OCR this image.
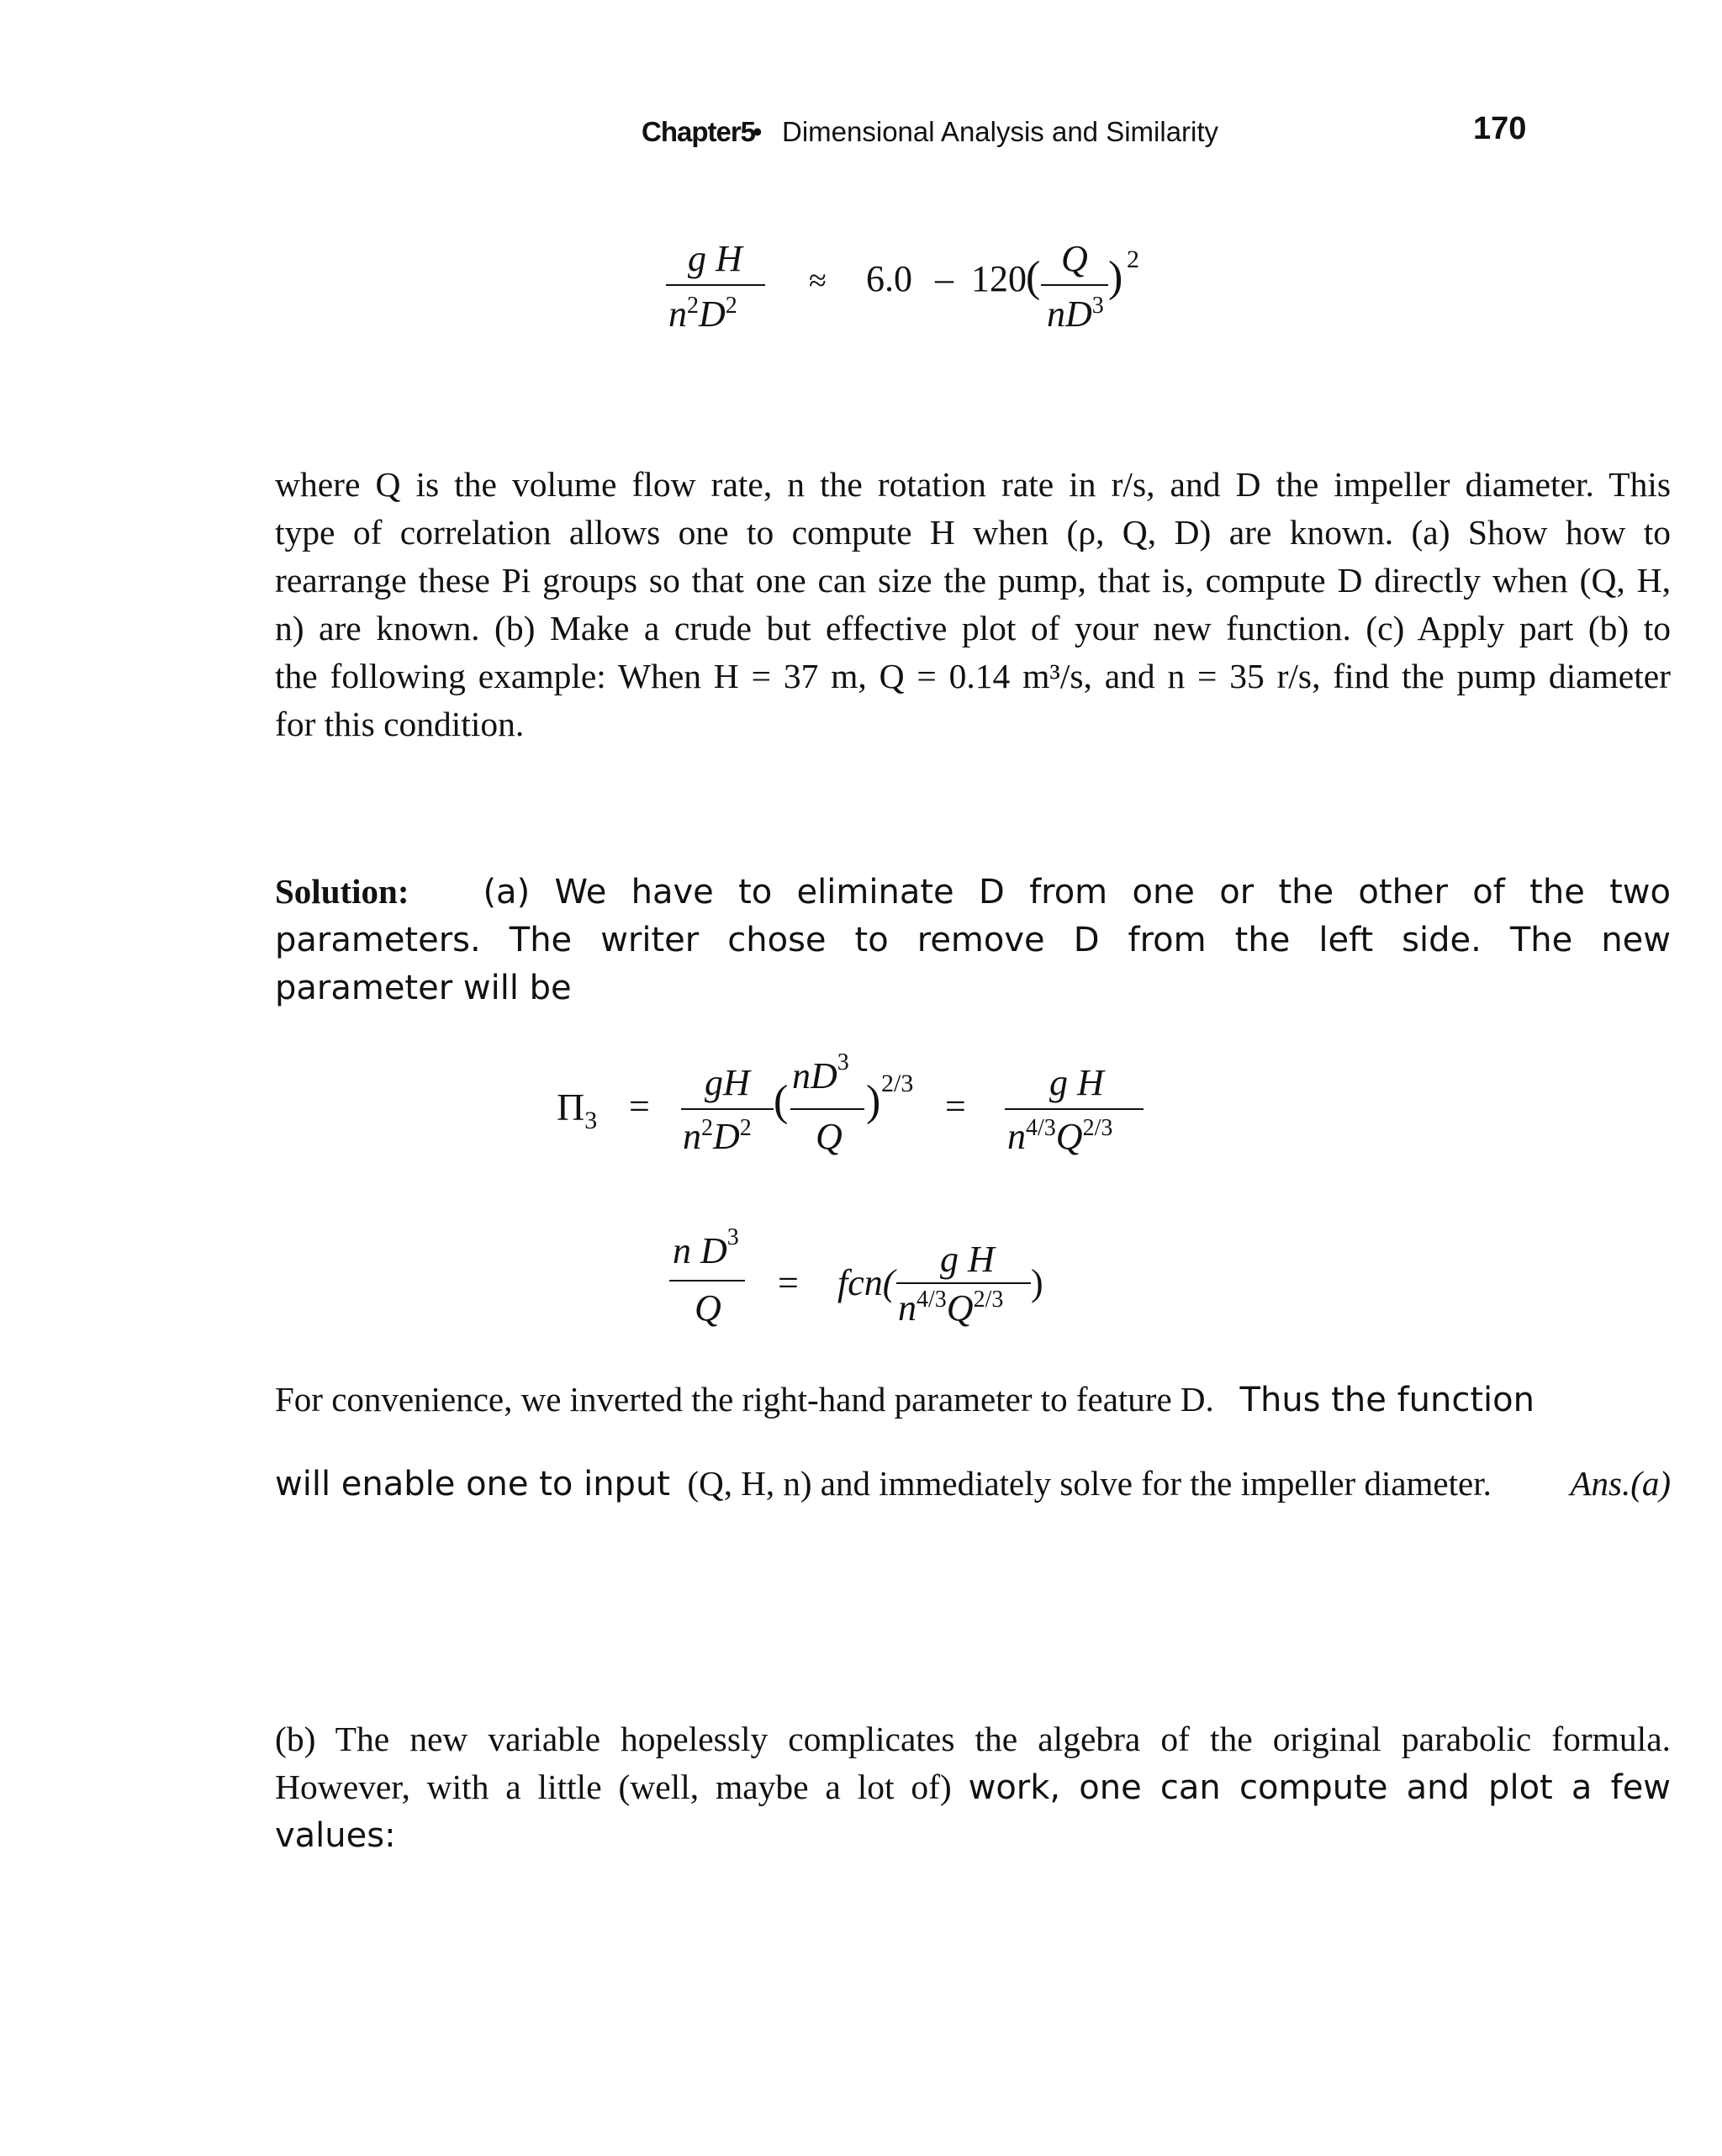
Chapter5
• Dimensional Analysis and Similarity	170
g H
$n^2D^2$
≈ 6.0 – 120 ( Q
$nD^3$
) 2
where Q is the volume flow rate, n the rotation rate in r/s, and D the impeller diameter. This
type of correlation allows one to compute H when (ρ, Q, D) are known. (a) Show how to
rearrange these Pi groups so that one can size the pump, that is, compute D directly when (Q, H,
n) are known. (b) Make a crude but effective plot of your new function. (c) Apply part (b) to
the following example: When H = 37 m, Q = 0.14 m³/s, and n = 35 r/s, find the pump diameter
for this condition.
Solution: (a) We have to eliminate D from one or the other of the two
parameters. The writer chose to remove D from the left side. The new
parameter will be
$\Pi_3$ =
gH
$n^2D^2$
(
$nD^3$
Q
) 2/3
=
g H
$n^{4/3}Q^{2/3}$
n $D^3$
Q
= fcn(
g H
$n^{4/3}Q^{2/3}$ )
For convenience, we inverted the right-hand parameter to feature D. Thus the function
will enable one to input (Q, H, n) and immediately solve for the impeller diameter. Ans.(a)
(b) The new variable hopelessly complicates the algebra of the original parabolic formula.
However, with a little (well, maybe a lot of) work, one can compute and plot a few
values:
